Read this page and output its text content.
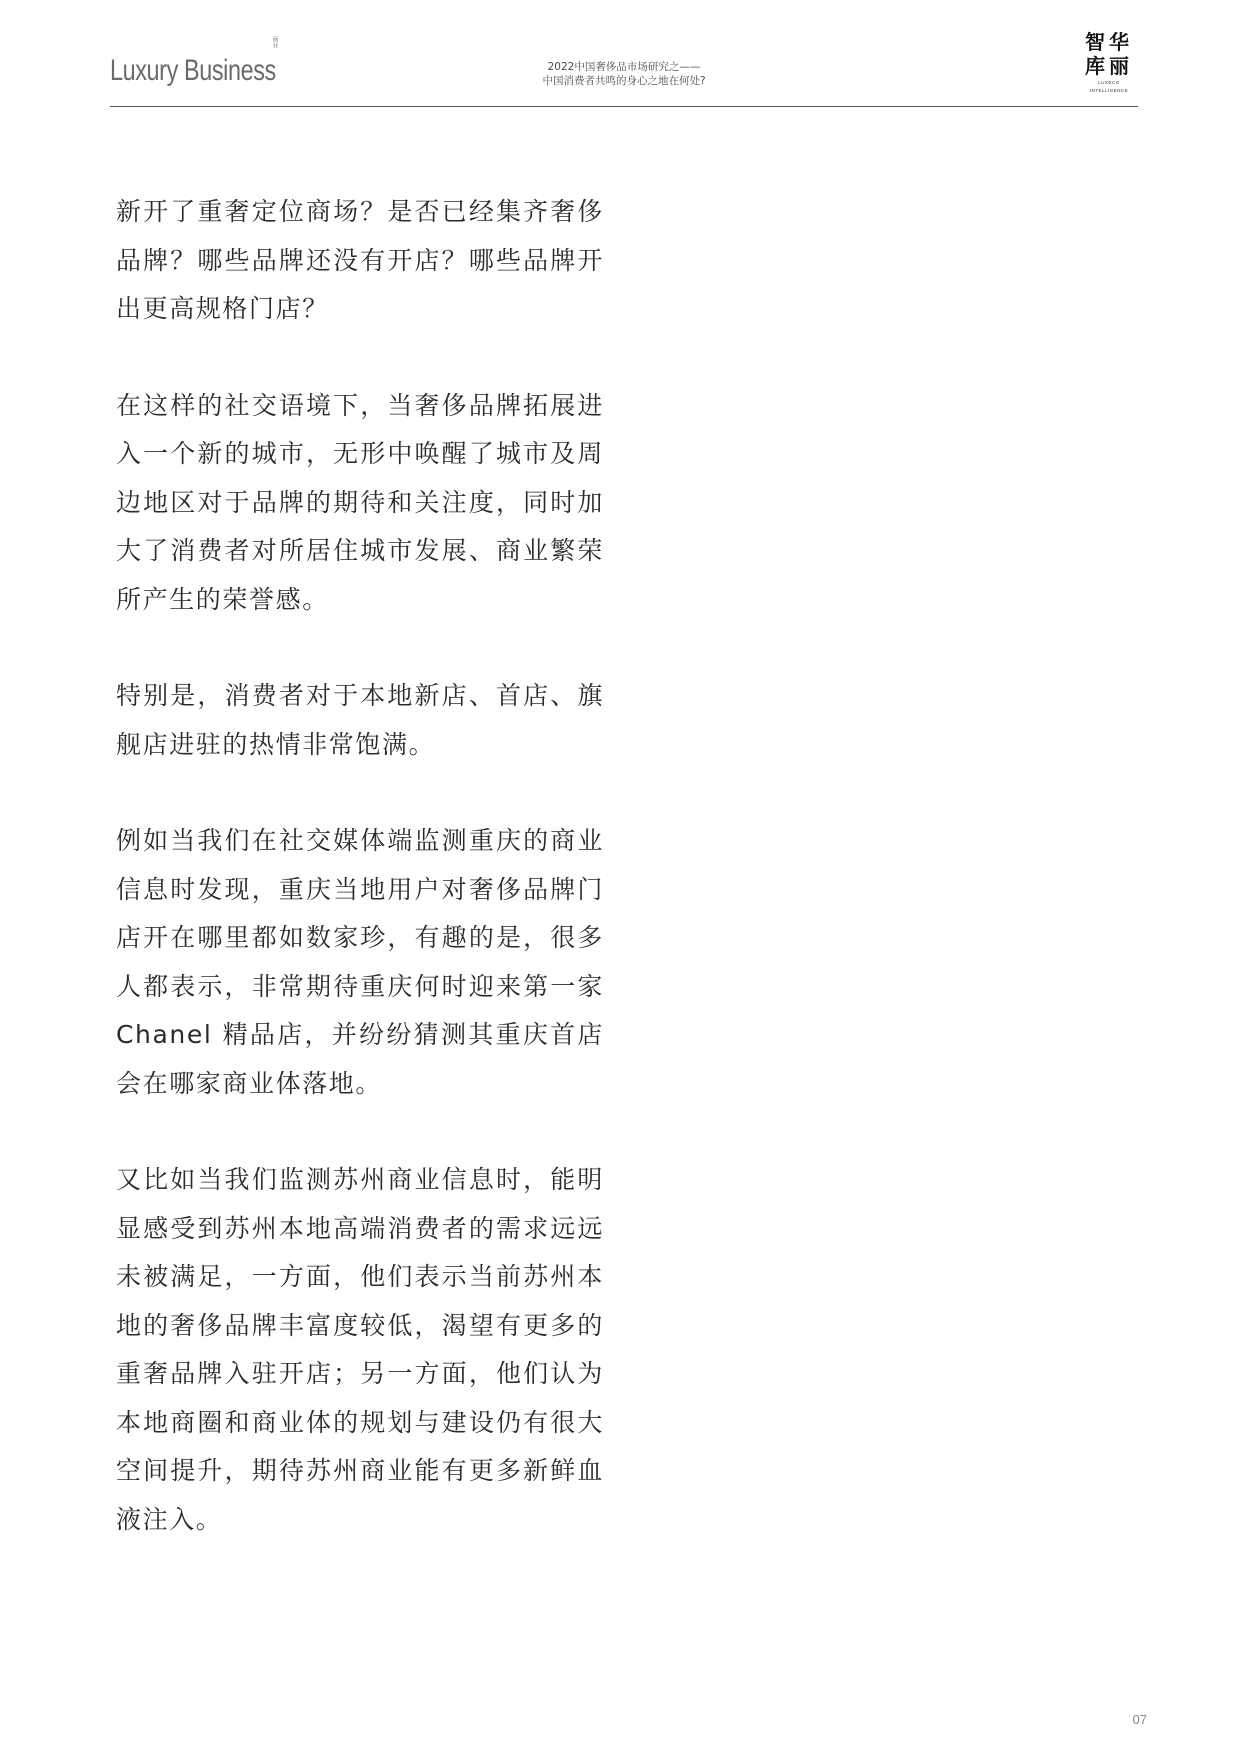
Luxury Business
商业
2022中国奢侈品市场研究之——
中国消费者共鸣的身心之地在何处?
智华
库丽
LUXECO
INTELLIGENCE

新开了重奢定位商场？是否已经集齐奢侈品牌？哪些品牌还没有开店？哪些品牌开出更高规格门店？

在这样的社交语境下，当奢侈品牌拓展进入一个新的城市，无形中唤醒了城市及周边地区对于品牌的期待和关注度，同时加大了消费者对所居住城市发展、商业繁荣所产生的荣誉感。

特别是，消费者对于本地新店、首店、旗舰店进驻的热情非常饱满。

例如当我们在社交媒体端监测重庆的商业信息时发现，重庆当地用户对奢侈品牌门店开在哪里都如数家珍，有趣的是，很多人都表示，非常期待重庆何时迎来第一家 Chanel 精品店，并纷纷猜测其重庆首店会在哪家商业体落地。

又比如当我们监测苏州商业信息时，能明显感受到苏州本地高端消费者的需求远远未被满足，一方面，他们表示当前苏州本地的奢侈品牌丰富度较低，渴望有更多的重奢品牌入驻开店；另一方面，他们认为本地商圈和商业体的规划与建设仍有很大空间提升，期待苏州商业能有更多新鲜血液注入。

07
